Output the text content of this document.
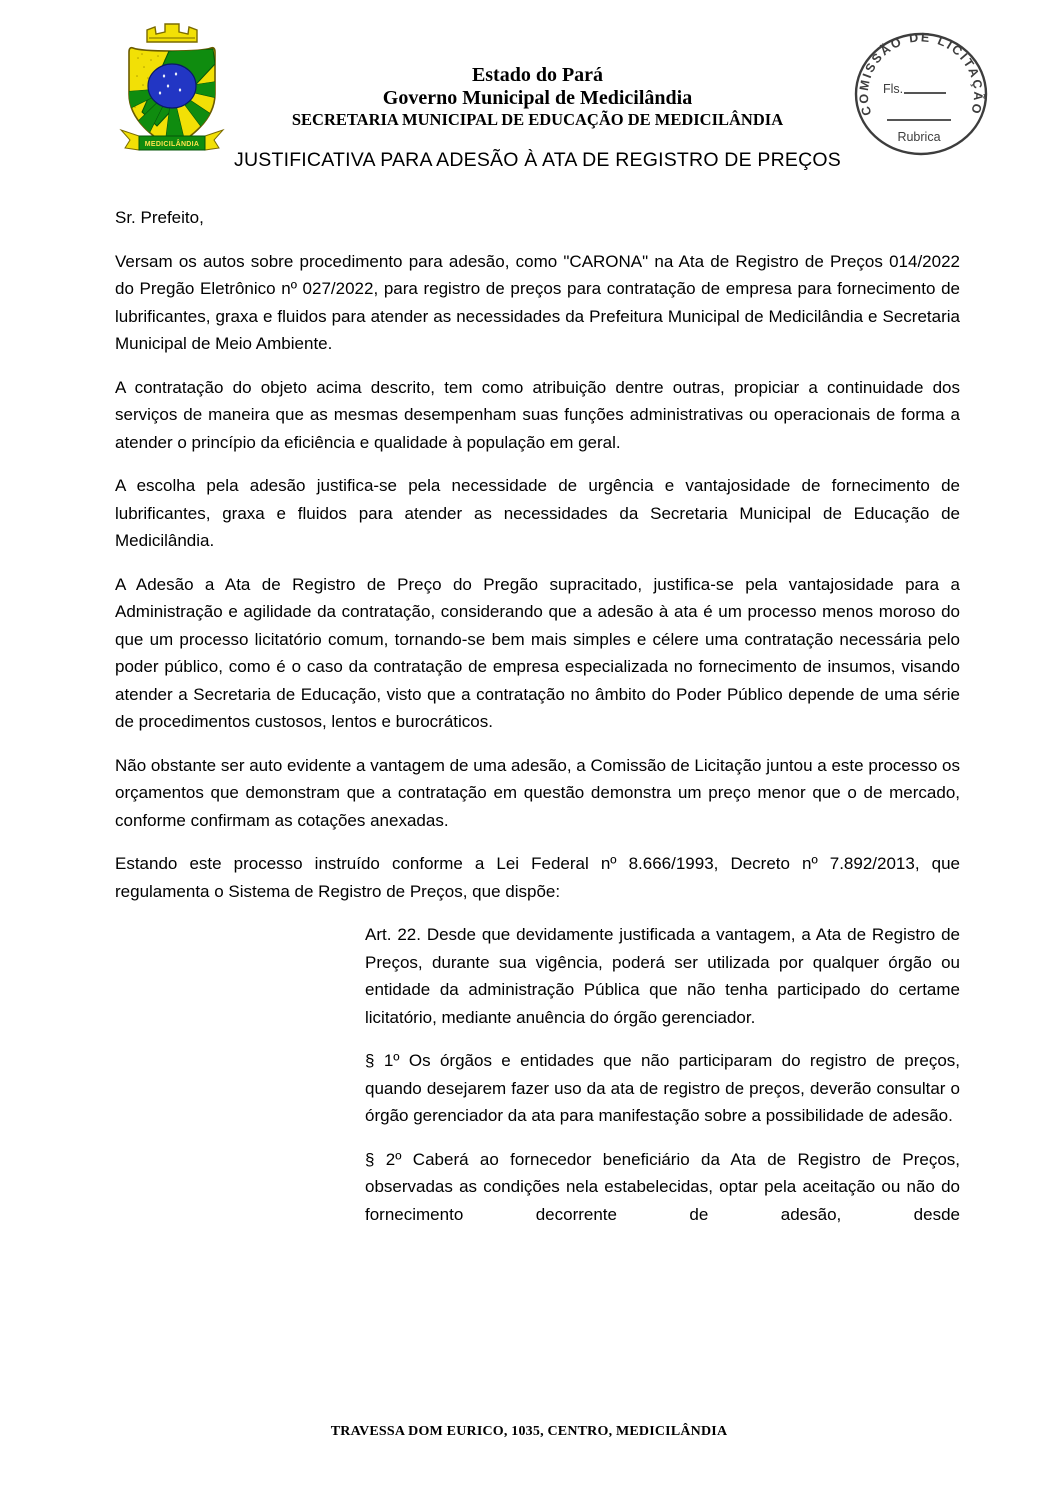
MEDICILÂNDIA
Estado do Pará
Governo Municipal de Medicilândia
SECRETARIA MUNICIPAL DE EDUCAÇÃO DE MEDICILÂNDIA
COMISSÃO DE LICITAÇÃO
Fls.
Rubrica
JUSTIFICATIVA PARA ADESÃO À ATA DE REGISTRO DE PREÇOS

Sr. Prefeito,

Versam os autos sobre procedimento para adesão, como "CARONA" na Ata de Registro de Preços 014/2022 do Pregão Eletrônico nº 027/2022, para registro de preços para contratação de empresa para fornecimento de lubrificantes, graxa e fluidos para atender as necessidades da Prefeitura Municipal de Medicilândia e Secretaria Municipal de Meio Ambiente.

A contratação do objeto acima descrito, tem como atribuição dentre outras, propiciar a continuidade dos serviços de maneira que as mesmas desempenham suas funções administrativas ou operacionais de forma a atender o princípio da eficiência e qualidade à população em geral.

A escolha pela adesão justifica-se pela necessidade de urgência e vantajosidade de fornecimento de lubrificantes, graxa e fluidos para atender as necessidades da Secretaria Municipal de Educação de Medicilândia.

A Adesão a Ata de Registro de Preço do Pregão supracitado, justifica-se pela vantajosidade para a Administração e agilidade da contratação, considerando que a adesão à ata é um processo menos moroso do que um processo licitatório comum, tornando-se bem mais simples e célere uma contratação necessária pelo poder público, como é o caso da contratação de empresa especializada no fornecimento de insumos, visando atender a Secretaria de Educação, visto que a contratação no âmbito do Poder Público depende de uma série de procedimentos custosos, lentos e burocráticos.

Não obstante ser auto evidente a vantagem de uma adesão, a Comissão de Licitação juntou a este processo os orçamentos que demonstram que a contratação em questão demonstra um preço menor que o de mercado, conforme confirmam as cotações anexadas.

Estando este processo instruído conforme a Lei Federal nº 8.666/1993, Decreto nº 7.892/2013, que regulamenta o Sistema de Registro de Preços, que dispõe:

Art. 22. Desde que devidamente justificada a vantagem, a Ata de Registro de Preços, durante sua vigência, poderá ser utilizada por qualquer órgão ou entidade da administração Pública que não tenha participado do certame licitatório, mediante anuência do órgão gerenciador.

§ 1º Os órgãos e entidades que não participaram do registro de preços, quando desejarem fazer uso da ata de registro de preços, deverão consultar o órgão gerenciador da ata para manifestação sobre a possibilidade de adesão.

§ 2º Caberá ao fornecedor beneficiário da Ata de Registro de Preços, observadas as condições nela estabelecidas, optar pela aceitação ou não do fornecimento decorrente de adesão, desde

TRAVESSA DOM EURICO, 1035, CENTRO, MEDICILÂNDIA
